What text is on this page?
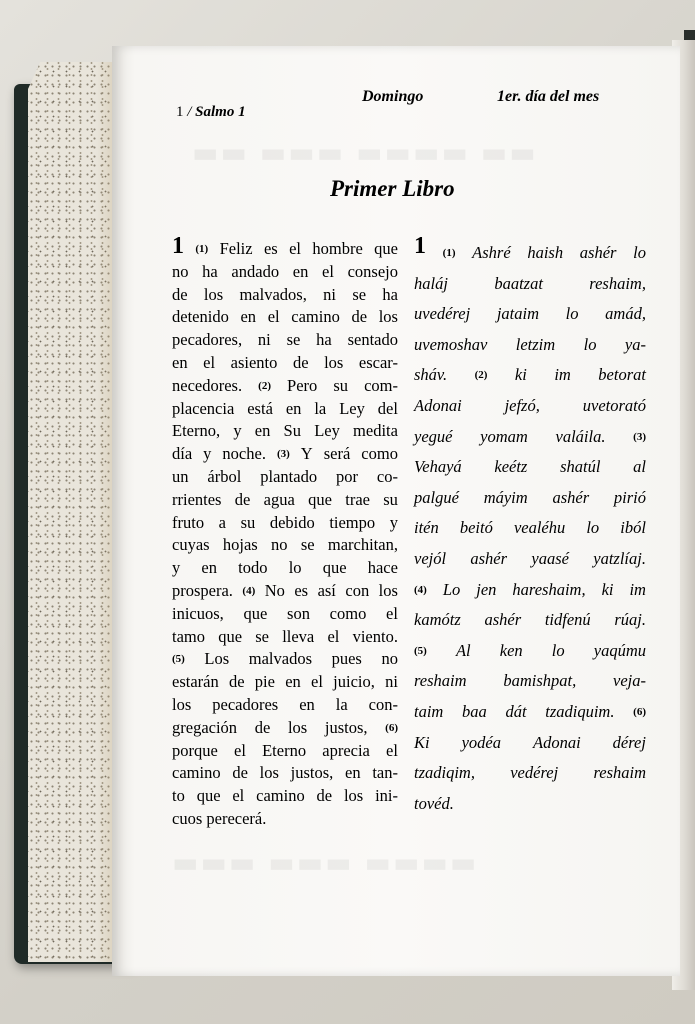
▬▬ ▬▬▬ ▬▬▬▬ ▬▬
▬▬▬ ▬▬▬ ▬▬▬▬
1 / Salmo 1
Domingo	1er. día del mes
Primer Libro
1 (1) Feliz es el hombre que
no ha andado en el consejo
de los malvados, ni se ha
detenido en el camino de los
pecadores, ni se ha sentado
en el asiento de los escar-
necedores. (2) Pero su com-
placencia está en la Ley del
Eterno, y en Su Ley medita
día y noche. (3) Y será como
un árbol plantado por co-
rrientes de agua que trae su
fruto a su debido tiempo y
cuyas hojas no se marchitan,
y en todo lo que hace
prospera. (4) No es así con los
inicuos, que son como el
tamo que se lleva el viento.
(5) Los malvados pues no
estarán de pie en el juicio, ni
los pecadores en la con-
gregación de los justos, (6)
porque el Eterno aprecia el
camino de los justos, en tan-
to que el camino de los ini-
cuos perecerá.
1 (1) Ashré haish ashér lo
haláj	baatzat	reshaim,
uvedérej jataim lo amád,
uvemoshav letzim lo ya-
sháv. (2) ki im betorat
Adonai	jefzó,	uvetorató
yegué yomam valáila.	(3)
Vehayá keétz shatúl al
palgué máyim ashér pirió
itén beitó vealéhu lo iból
vejól ashér yaasé yatzlíaj.
(4) Lo jen hareshaim, ki im
kamótz ashér tidfenú rúaj.
(5) Al ken lo yaqúmu
reshaim bamishpat, veja-
taim baa dát tzadiquim. (6)
Ki yodéa Adonai dérej
tzadiqim, vedérej reshaim
tovéd.
